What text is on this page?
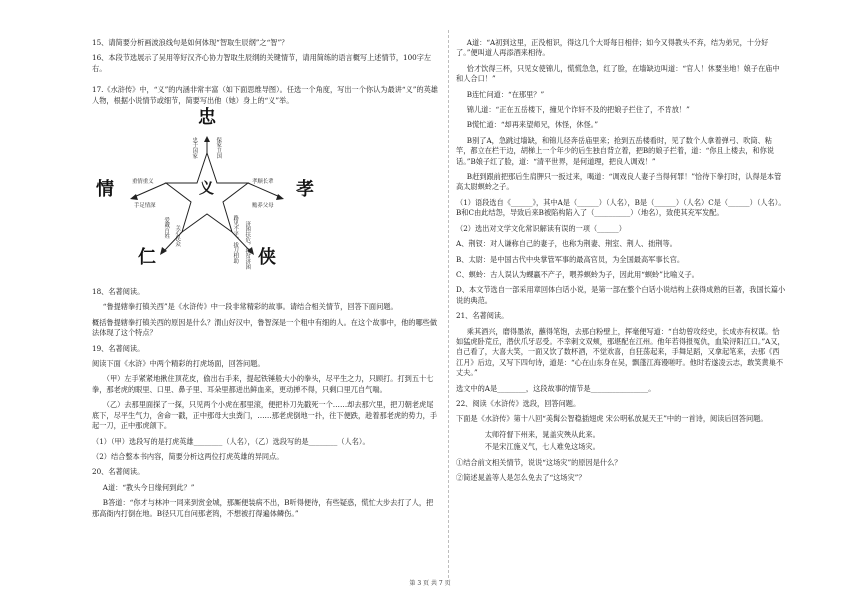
15、请简要分析画波浪线句是如何体现“智取生辰纲”之“智”？

16、本段节选展示了吴用等好汉齐心协力智取生辰纲的关键情节，请用简练的语言概写上述情节，100字左右。

17.《水浒传》中，“义”的内涵非常丰富（如下面思维导图）。任选一个角度，写出一个你认为最讲“义”的英雄人物，根据小说情节或细节，简要写出他（她）身上的“义”举。

忠
情	孝
仁	侠
义
忠于国家	保家卫国
重情重义
手足情深
孝顺长辈
赡养父母
爱戴百姓 关心民众	路见不平，拔刀相助 济困扶危，扶贫济困

18、名著阅读。

“鲁提辖拳打镇关西”是《水浒传》中一段非常精彩的故事。请结合相关情节，回答下面问题。

概括鲁提辖拳打镇关西的原因是什么？渭山好汉中，鲁智深是一个粗中有细的人。在这个故事中，他的哪些做法体现了这个特点？

19、名著阅读。

阅读下面《水浒》中两个精彩的打虎场面，回答问题。

（甲）左手紧紧地揪住顶花皮，偷出右手来，提起铁锤般大小的拳头，尽平生之力，只顾打。打到五十七拳，那老虎的眼里、口里、鼻子里、耳朵里都迸出鲜血来，更动掸不得，只剩口里兀自气喘。

（乙）去那里面探了一探，只见两个小虎在那里滚，便把朴刀先戳死一个……却去那穴里，把刀朝老虎尾底下，尽平生气力，舍命一戳，正中那母大虫粪门，……那老虎倒地一扑，往下便跌，趁着那老虎的势力，手起一刀，正中那虎颌下。

（1）（甲）选段写的是打虎英雄________（人名），（乙）选段写的是________（人名）。

（2）结合整本书内容，简要分析这两位打虎英雄的异同点。

20、名著阅读。

A道：“教头今日缘何到此？”

B答道：“你才与林冲一同来到赏金城，那厮便装病不出，B听得便待，有些疑惑，慌忙大步去打了人，把那高衙内打倒在地。B径只兀自问那老鸨，不想被打得遍体鳞伤。”

A道：“A初到这里，正没相识，得这几个大哥每日相伴；如今又得教头不弃，结为弟兄，十分好了。”便叫道人再添酒来相待。

恰才饮得三杯，只见女使锦儿，慌慌急急，红了脸，在墙缺边叫道：“官人！休要坐地！娘子在庙中和人合口！”

B连忙问道：“在那里？”

锦儿道：“正在五岳楼下，撞见个诈奸不及的把娘子拦住了，不肯放！”

B慌忙道：“却再来望师兄，休怪，休怪。”

B别了A，急跳过墙缺，和锦儿径奔岳庙里来；抢到五岳楼看时，见了数个人拿着弹弓、吹筒、粘竿，都立在栏干边，胡梯上一个年少的后生独自背立着，把B的娘子拦着，道：“你且上楼去，和你说话。”B娘子红了脸，道：“清平世界，是何道理，把良人调戏！”

B赶到跟前把那后生肩胛只一扳过来，喝道：“调戏良人妻子当得何罪！”恰待下拳打时，认得是本管高太尉螟蛉之子。

（1）语段选自《______》，其中A是（______）（人名），B是（______）（人名）C是（______）（人名）。B和C由此结怨，导致后来B被陷构陷入了（__________）（地名），致使其充军发配。

（2）选出对文学文化常识解读有误的一项（______）

A、荆钗：对人谦称自己的妻子，也称为荆妻、荆室、荆人、拙荆等。

B、太尉：是中国古代中央掌管军事的最高官员，为全国最高军事长官。

C、螟蛉：古人误认为蜾蠃不产子，喂养螟蛉为子，因此用“螟蛉”比喻义子。

D、本文节选自一部采用章回体白话小说，是第一部在整个白话小说结构上获得成熟的巨著，我国长篇小说的典范。

21、名著阅读。

乘其酒兴，磨得墨浓，蘸得笔饱，去那白粉壁上，挥毫便写道：“自幼曾攻经史，长成亦有权谋。恰如猛虎卧荒丘，潜伏爪牙忍受。不幸刺文双颊，那堪配在江州。他年若得报冤仇，血染浔阳江口。”A又，自己看了，大喜大笑，一面又饮了数杯酒，不觉欢喜，自狂荡起来，手舞足蹈，又拿起笔来，去那《西江月》后边，又写下四句诗，道是：“心在山东身在吴，飘蓬江海谩嗟吁。他时若遂凌云志，敢笑黄巢不丈夫。”

选文中的A是________，这段故事的情节是________________。

22、阅读《水浒传》选段，回答问题。

下面是《水浒传》第十八回“美髯公智稳插翅虎 宋公明私放晁天王”中的一首诗，阅读后回答问题。

太师符督下州来，晁盖灾殃从此来。

不是宋江施义气，七人难免这场灾。

①结合前文相关情节，说说“这场灾”的原因是什么？

②简述晁盖等人是怎么免去了“这场灾”？

第 3 页 共 7 页
